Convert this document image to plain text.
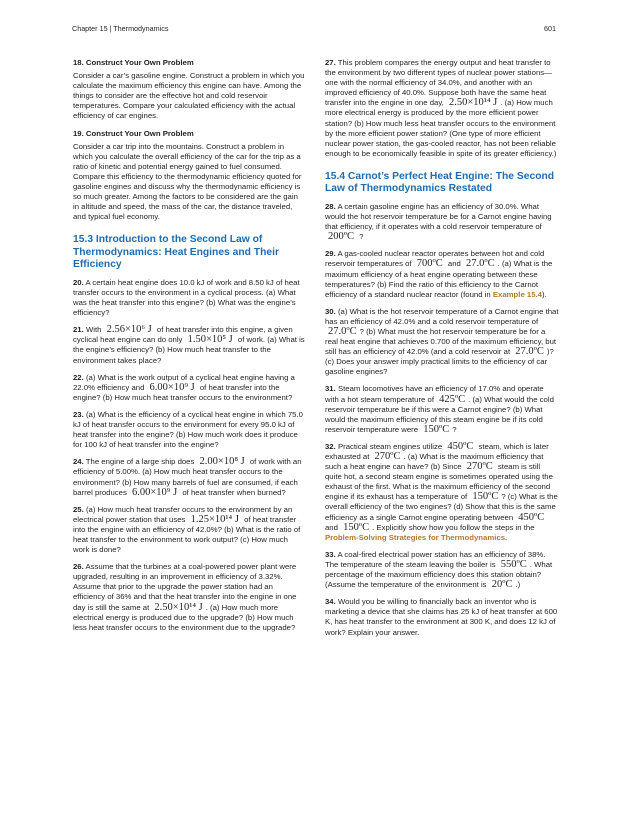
Chapter 15 | Thermodynamics	601
18. Construct Your Own Problem

Consider a car’s gasoline engine. Construct a problem in which you calculate the maximum efficiency this engine can have. Among the things to consider are the effective hot and cold reservoir temperatures. Compare your calculated efficiency with the actual efficiency of car engines.

19. Construct Your Own Problem

Consider a car trip into the mountains. Construct a problem in which you calculate the overall efficiency of the car for the trip as a ratio of kinetic and potential energy gained to fuel consumed. Compare this efficiency to the thermodynamic efficiency quoted for gasoline engines and discuss why the thermodynamic efficiency is so much greater. Among the factors to be considered are the gain in altitude and speed, the mass of the car, the distance traveled, and typical fuel economy.

15.3 Introduction to the Second Law of Thermodynamics: Heat Engines and Their Efficiency

20. A certain heat engine does 10.0 kJ of work and 8.50 kJ of heat transfer occurs to the environment in a cyclical process. (a) What was the heat transfer into this engine? (b) What was the engine’s efficiency?

21. With 2.56×10⁶ J of heat transfer into this engine, a given cyclical heat engine can do only 1.50×10⁵ J of work. (a) What is the engine’s efficiency? (b) How much heat transfer to the environment takes place?

22. (a) What is the work output of a cyclical heat engine having a 22.0% efficiency and 6.00×10⁹ J of heat transfer into the engine? (b) How much heat transfer occurs to the environment?

23. (a) What is the efficiency of a cyclical heat engine in which 75.0 kJ of heat transfer occurs to the environment for every 95.0 kJ of heat transfer into the engine? (b) How much work does it produce for 100 kJ of heat transfer into the engine?

24. The engine of a large ship does 2.00×10⁸ J of work with an efficiency of 5.00%. (a) How much heat transfer occurs to the environment? (b) How many barrels of fuel are consumed, if each barrel produces 6.00×10⁹ J of heat transfer when burned?

25. (a) How much heat transfer occurs to the environment by an electrical power station that uses 1.25×10¹⁴ J of heat transfer into the engine with an efficiency of 42.0%? (b) What is the ratio of heat transfer to the environment to work output? (c) How much work is done?

26. Assume that the turbines at a coal-powered power plant were upgraded, resulting in an improvement in efficiency of 3.32%. Assume that prior to the upgrade the power station had an efficiency of 36% and that the heat transfer into the engine in one day is still the same at 2.50×10¹⁴ J . (a) How much more electrical energy is produced due to the upgrade? (b) How much less heat transfer occurs to the environment due to the upgrade?

27. This problem compares the energy output and heat transfer to the environment by two different types of nuclear power stations—one with the normal efficiency of 34.0%, and another with an improved efficiency of 40.0%. Suppose both have the same heat transfer into the engine in one day, 2.50×10¹⁴ J . (a) How much more electrical energy is produced by the more efficient power station? (b) How much less heat transfer occurs to the environment by the more efficient power station? (One type of more efficient nuclear power station, the gas-cooled reactor, has not been reliable enough to be economically feasible in spite of its greater efficiency.)

15.4 Carnot’s Perfect Heat Engine: The Second Law of Thermodynamics Restated

28. A certain gasoline engine has an efficiency of 30.0%. What would the hot reservoir temperature be for a Carnot engine having that efficiency, if it operates with a cold reservoir temperature of 200ºC ?

29. A gas-cooled nuclear reactor operates between hot and cold reservoir temperatures of 700ºC and 27.0ºC . (a) What is the maximum efficiency of a heat engine operating between these temperatures? (b) Find the ratio of this efficiency to the Carnot efficiency of a standard nuclear reactor (found in Example 15.4).

30. (a) What is the hot reservoir temperature of a Carnot engine that has an efficiency of 42.0% and a cold reservoir temperature of 27.0ºC ? (b) What must the hot reservoir temperature be for a real heat engine that achieves 0.700 of the maximum efficiency, but still has an efficiency of 42.0% (and a cold reservoir at 27.0ºC )? (c) Does your answer imply practical limits to the efficiency of car gasoline engines?

31. Steam locomotives have an efficiency of 17.0% and operate with a hot steam temperature of 425ºC . (a) What would the cold reservoir temperature be if this were a Carnot engine? (b) What would the maximum efficiency of this steam engine be if its cold reservoir temperature were 150ºC ?

32. Practical steam engines utilize 450ºC steam, which is later exhausted at 270ºC . (a) What is the maximum efficiency that such a heat engine can have? (b) Since 270ºC steam is still quite hot, a second steam engine is sometimes operated using the exhaust of the first. What is the maximum efficiency of the second engine if its exhaust has a temperature of 150ºC ? (c) What is the overall efficiency of the two engines? (d) Show that this is the same efficiency as a single Carnot engine operating between 450ºC and 150ºC . Explicitly show how you follow the steps in the Problem-Solving Strategies for Thermodynamics.

33. A coal-fired electrical power station has an efficiency of 38%. The temperature of the steam leaving the boiler is 550ºC . What percentage of the maximum efficiency does this station obtain? (Assume the temperature of the environment is 20ºC .)

34. Would you be willing to financially back an inventor who is marketing a device that she claims has 25 kJ of heat transfer at 600 K, has heat transfer to the environment at 300 K, and does 12 kJ of work? Explain your answer.
